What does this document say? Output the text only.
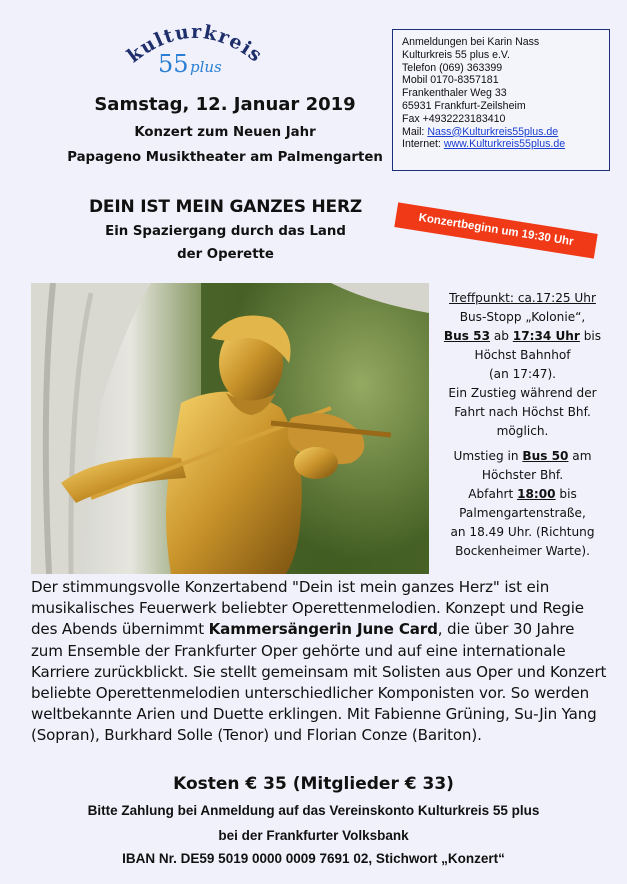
kulturkreis
55 plus
Anmeldungen bei Karin Nass
Kulturkreis 55 plus e.V.
Telefon (069) 363399
Mobil 0170-8357181
Frankenthaler Weg 33
65931 Frankfurt-Zeilsheim
Fax +4932223183410
Mail: Nass@Kulturkreis55plus.de
Internet: www.Kulturkreis55plus.de
Samstag, 12. Januar 2019
Konzert zum Neuen Jahr
Papageno Musiktheater am Palmengarten
DEIN IST MEIN GANZES HERZ
Ein Spaziergang durch das Land
der Operette
Konzertbeginn um 19:30 Uhr

Treffpunkt: ca.17:25 Uhr

Bus-Stopp „Kolonie“,

Bus 53 ab 17:34 Uhr bis

Höchst Bahnhof

(an 17:47).

Ein Zustieg während der Fahrt nach Höchst Bhf. möglich.

Umstieg in Bus 50 am Höchster Bhf.

Abfahrt 18:00 bis

Palmengartenstraße,

an 18.49 Uhr. (Richtung Bockenheimer Warte).

Der stimmungsvolle Konzertabend "Dein ist mein ganzes Herz" ist ein musikalisches Feuerwerk beliebter Operettenmelodien. Konzept und Regie des Abends übernimmt Kammersängerin June Card, die über 30 Jahre zum Ensemble der Frankfurter Oper gehörte und auf eine internationale Karriere zurückblickt. Sie stellt gemeinsam mit Solisten aus Oper und Konzert beliebte Operettenmelodien unterschiedlicher Komponisten vor. So werden weltbekannte Arien und Duette erklingen. Mit Fabienne Grüning, Su-Jin Yang (Sopran), Burkhard Solle (Tenor) und Florian Conze (Bariton).
Kosten € 35 (Mitglieder € 33)
Bitte Zahlung bei Anmeldung auf das Vereinskonto Kulturkreis 55 plus
bei der Frankfurter Volksbank
IBAN Nr. DE59 5019 0000 0009 7691 02, Stichwort „Konzert“
